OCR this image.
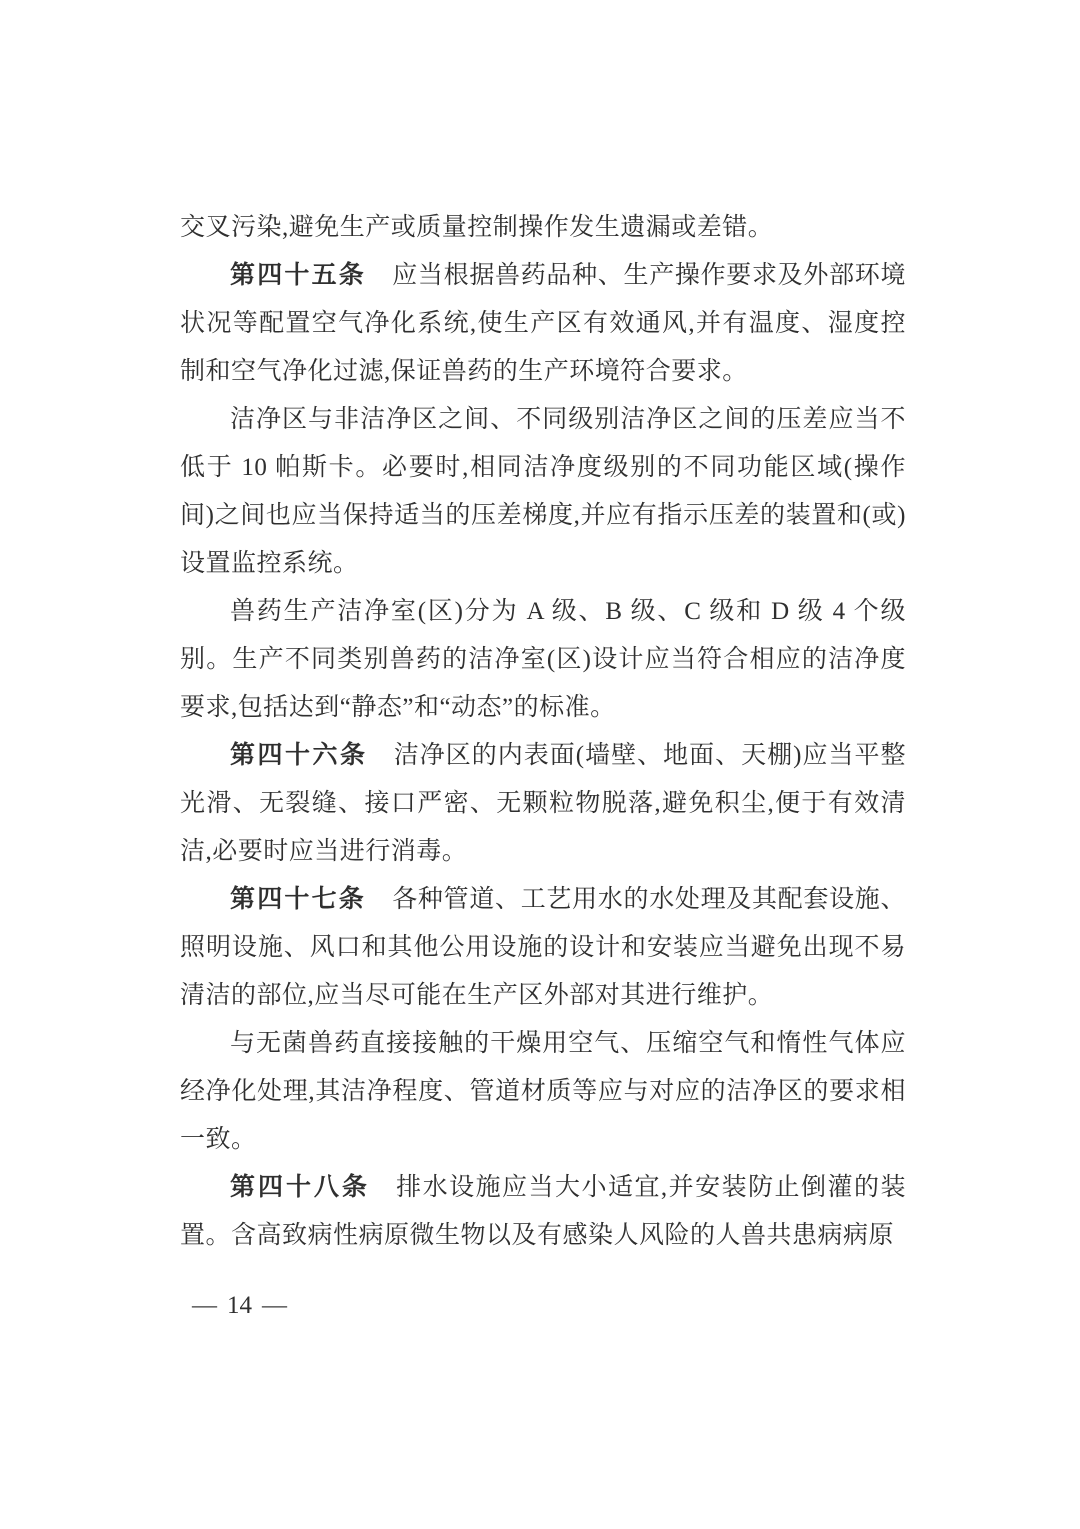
交叉污染,避免生产或质量控制操作发生遗漏或差错。

第四十五条 应当根据兽药品种、生产操作要求及外部环境状况等配置空气净化系统,使生产区有效通风,并有温度、湿度控制和空气净化过滤,保证兽药的生产环境符合要求。

洁净区与非洁净区之间、不同级别洁净区之间的压差应当不低于 10 帕斯卡。必要时,相同洁净度级别的不同功能区域(操作间)之间也应当保持适当的压差梯度,并应有指示压差的装置和(或)设置监控系统。

兽药生产洁净室(区)分为 A 级、B 级、C 级和 D 级 4 个级别。生产不同类别兽药的洁净室(区)设计应当符合相应的洁净度要求,包括达到“静态”和“动态”的标准。

第四十六条 洁净区的内表面(墙壁、地面、天棚)应当平整光滑、无裂缝、接口严密、无颗粒物脱落,避免积尘,便于有效清洁,必要时应当进行消毒。

第四十七条 各种管道、工艺用水的水处理及其配套设施、照明设施、风口和其他公用设施的设计和安装应当避免出现不易清洁的部位,应当尽可能在生产区外部对其进行维护。

与无菌兽药直接接触的干燥用空气、压缩空气和惰性气体应经净化处理,其洁净程度、管道材质等应与对应的洁净区的要求相一致。

第四十八条 排水设施应当大小适宜,并安装防止倒灌的装置。含高致病性病原微生物以及有感染人风险的人兽共患病病原

— 14 —
